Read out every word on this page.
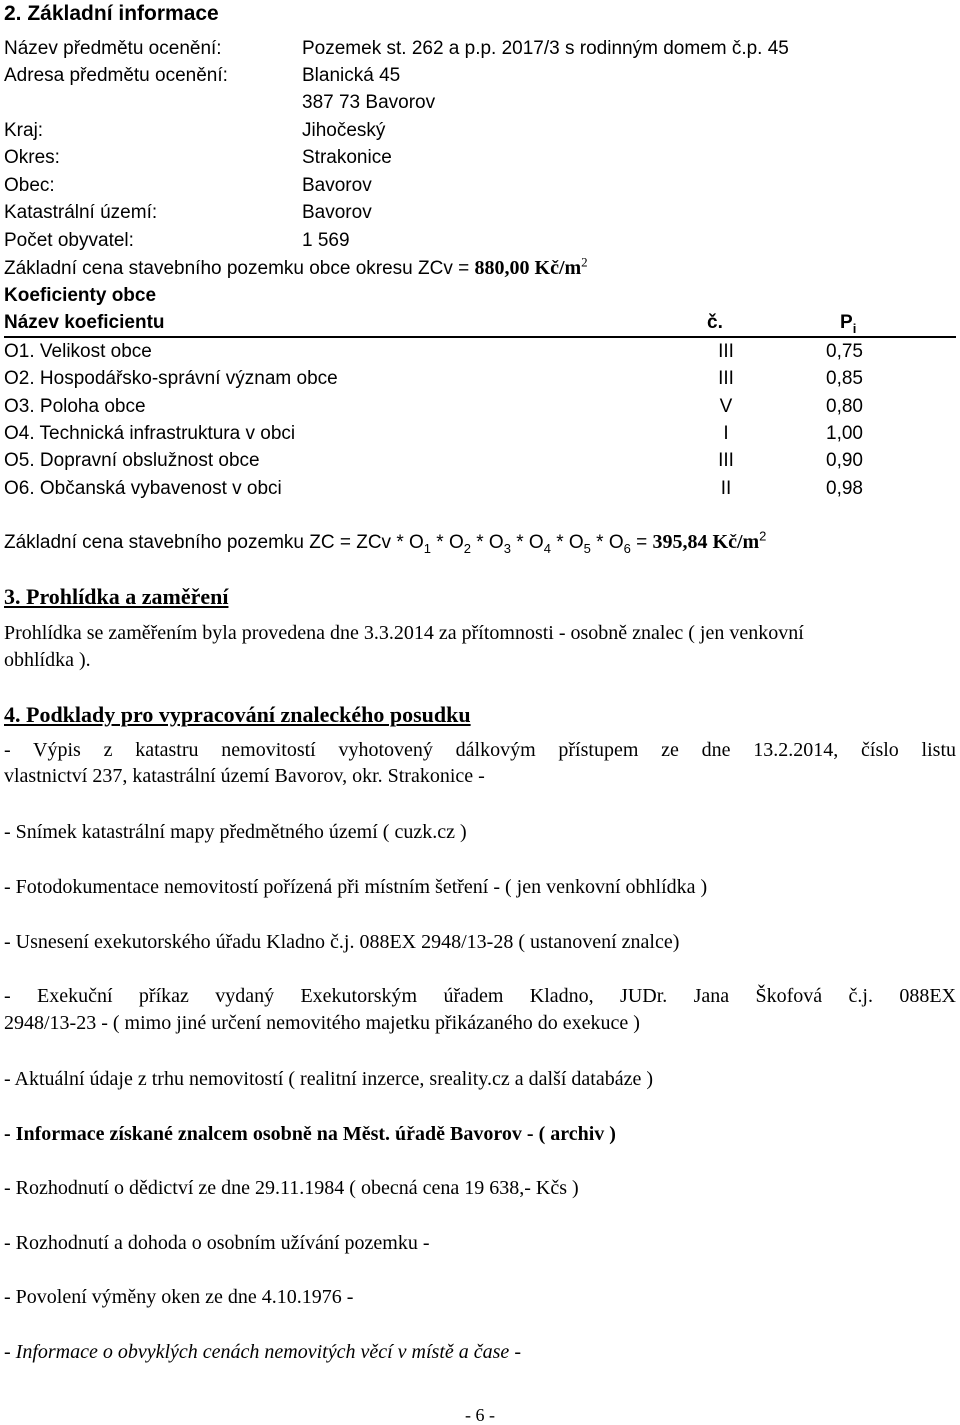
2. Základní informace
Název předmětu ocenění:	Pozemek st. 262 a p.p. 2017/3 s rodinným domem č.p. 45
Adresa předmětu ocenění:	Blanická 45
387 73 Bavorov
Kraj:	Jihočeský
Okres:	Strakonice
Obec:	Bavorov
Katastrální území:	Bavorov
Počet obyvatel:	1 569
Základní cena stavebního pozemku obce okresu ZCv = 880,00 $Kč/m^2$
Koeficienty obce
Název koeficientu	č.	$P_i$
O1. Velikost obce	III	0,75
O2. Hospodářsko-správní význam obce	III	0,85
O3. Poloha obce	V	0,80
O4. Technická infrastruktura v obci	I	1,00
O5. Dopravní obslužnost obce	III	0,90
O6. Občanská vybavenost v obci	II	0,98
Základní cena stavebního pozemku ZC = ZCv * $O_1 * O_2 * O_3 * O_4 * O_5 * O_6 = 395,84$ $Kč/m^2$
3. Prohlídka a zaměření
Prohlídka se zaměřením byla provedena dne 3.3.2014 za přítomnosti - osobně znalec ( jen venkovní
obhlídka ).
4. Podklady pro vypracování znaleckého posudku
- Výpis z katastru nemovitostí vyhotovený dálkovým přístupem ze dne 13.2.2014, číslo listu
vlastnictví 237, katastrální území Bavorov, okr. Strakonice -
- Snímek katastrální mapy předmětného území ( cuzk.cz )
- Fotodokumentace nemovitostí pořízená při místním šetření - ( jen venkovní obhlídka )
- Usnesení exekutorského úřadu Kladno č.j. 088EX 2948/13-28 ( ustanovení znalce)
- Exekuční příkaz vydaný Exekutorským úřadem Kladno, JUDr. Jana Škofová č.j. 088EX
2948/13-23 - ( mimo jiné určení nemovitého majetku přikázaného do exekuce )
- Aktuální údaje z trhu nemovitostí ( realitní inzerce, sreality.cz a další databáze )
- Informace získané znalcem osobně na Měst. úřadě Bavorov - ( archiv )
- Rozhodnutí o dědictví ze dne 29.11.1984 ( obecná cena 19 638,- Kčs )
- Rozhodnutí a dohoda o osobním užívání pozemku -
- Povolení výměny oken ze dne 4.10.1976 -
- Informace o obvyklých cenách nemovitých věcí v místě a čase -
- 6 -
